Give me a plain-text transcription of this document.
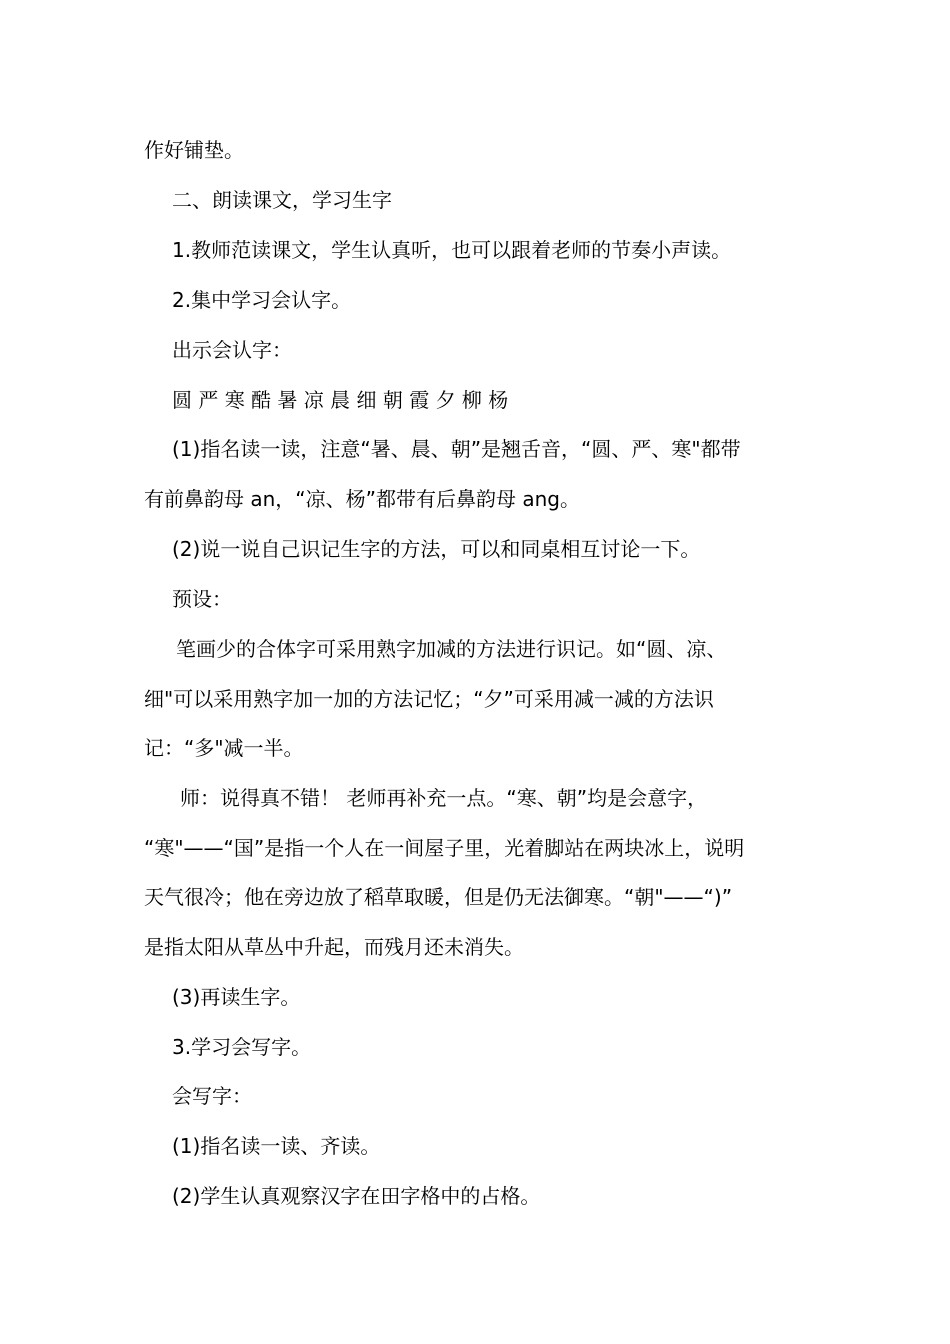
作好铺垫。
二、朗读课文，学习生字
1.教师范读课文，学生认真听，也可以跟着老师的节奏小声读。
2.集中学习会认字。
出示会认字：
圆 严 寒 酷 暑 凉 晨 细 朝 霞 夕 柳 杨
(1)指名读一读，注意“暑、晨、朝”是翘舌音，“圆、严、寒"都带
有前鼻韵母 an，“凉、杨”都带有后鼻韵母 ang。
(2)说一说自己识记生字的方法，可以和同桌相互讨论一下。
预设：
笔画少的合体字可采用熟字加减的方法进行识记。如“圆、凉、
细"可以采用熟字加一加的方法记忆；“夕”可采用减一减的方法识
记：“多"减一半。
师：说得真不错！ 老师再补充一点。“寒、朝”均是会意字，
“寒"——“国”是指一个人在一间屋子里，光着脚站在两块冰上，说明
天气很冷；他在旁边放了稻草取暖，但是仍无法御寒。“朝"——“)”
是指太阳从草丛中升起，而残月还未消失。
(3)再读生字。
3.学习会写字。
会写字：
(1)指名读一读、齐读。
(2)学生认真观察汉字在田字格中的占格。
